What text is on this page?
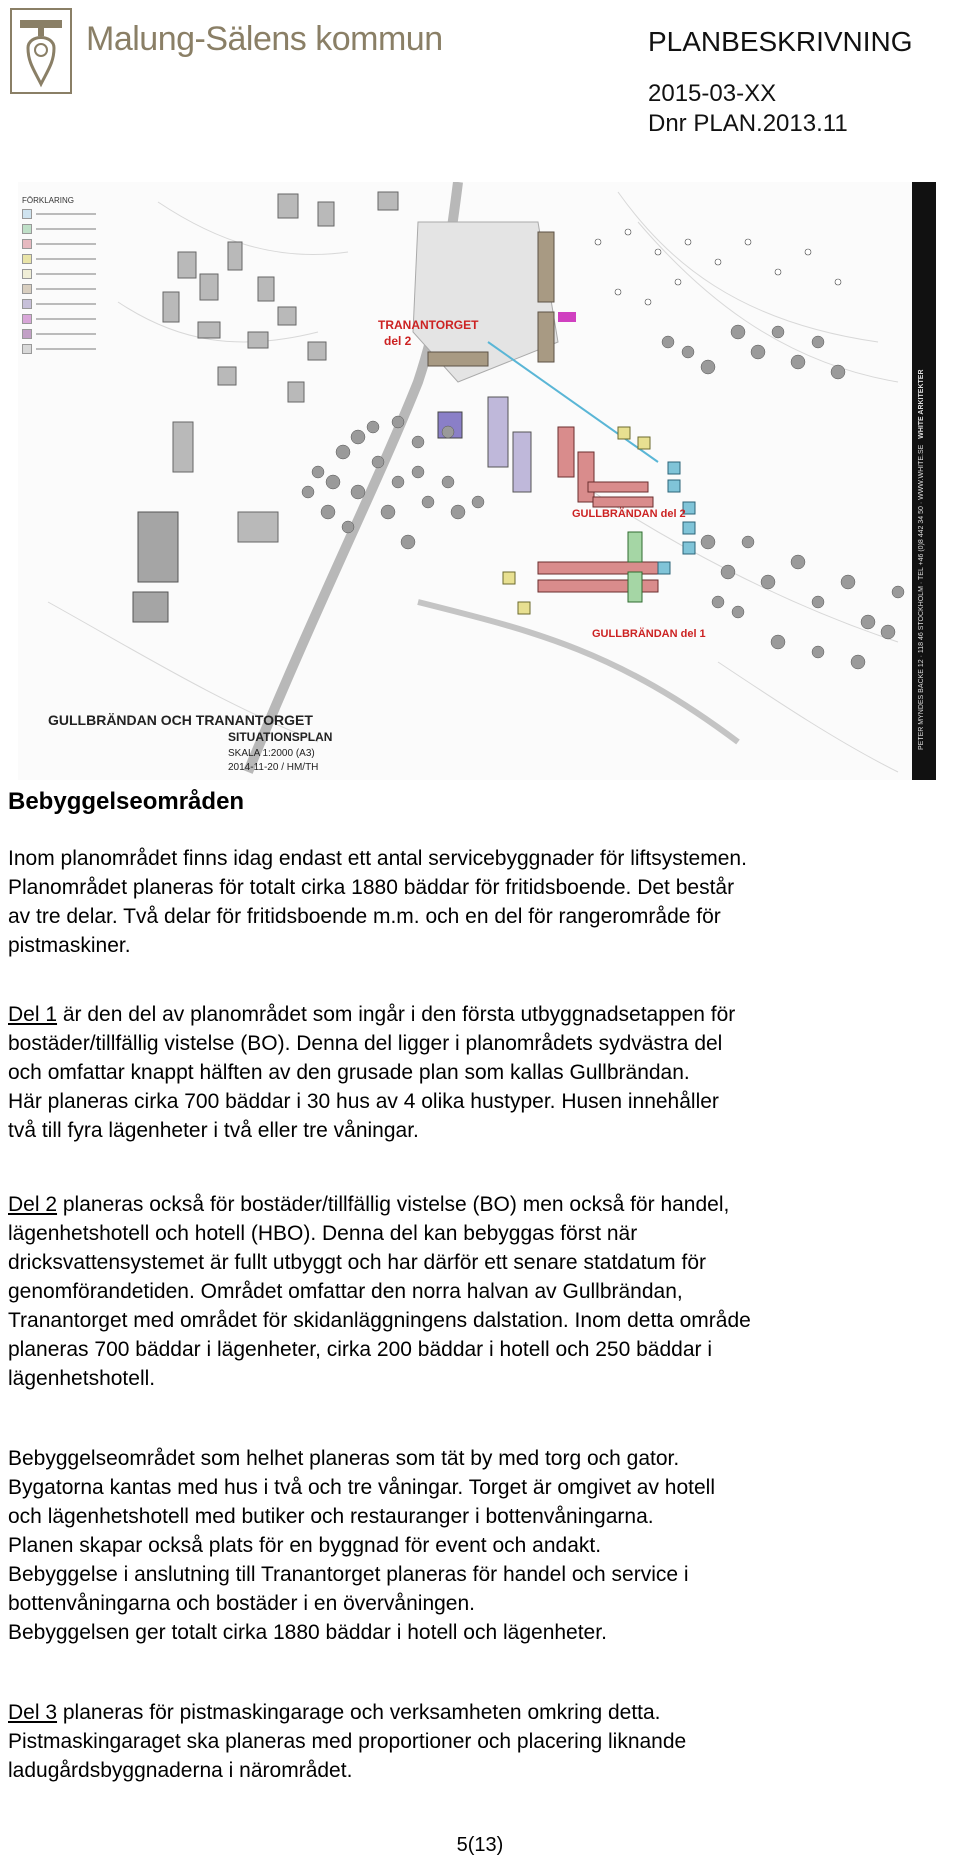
Malung-Sälens kommun	PLANBESKRIVNING
2015-03-XX
Dnr PLAN.2013.11
FÖRKLARING
TRANANTORGET
del 2
GULLBRÄNDAN del 2
GULLBRÄNDAN del 1
GULLBRÄNDAN OCH TRANANTORGET
SITUATIONSPLAN
SKALA 1:2000 (A3)
2014-11-20 / HM/TH
PETER MYNDES BACKE 12 · 118 46 STOCKHOLM · TEL +46 (0)8 442 34 50 · WWW.WHITE.SE   WHITE ARKITEKTER
Bebyggelseområden
Inom planområdet finns idag endast ett antal servicebyggnader för liftsystemen.
Planområdet planeras för totalt cirka 1880 bäddar för fritidsboende. Det består
av tre delar. Två delar för fritidsboende m.m. och en del för rangerområde för
pistmaskiner.
Del 1 är den del av planområdet som ingår i den första utbyggnadsetappen för
bostäder/tillfällig vistelse (BO). Denna del ligger i planområdets sydvästra del
och omfattar knappt hälften av den grusade plan som kallas Gullbrändan.
Här planeras cirka 700 bäddar i 30 hus av 4 olika hustyper. Husen innehåller
två till fyra lägenheter i två eller tre våningar.
Del 2 planeras också för bostäder/tillfällig vistelse (BO) men också för handel,
lägenhetshotell och hotell (HBO). Denna del kan bebyggas först när
dricksvattensystemet är fullt utbyggt och har därför ett senare statdatum för
genomförandetiden. Området omfattar den norra halvan av Gullbrändan,
Tranantorget med området för skidanläggningens dalstation. Inom detta område
planeras 700 bäddar i lägenheter, cirka 200 bäddar i hotell och 250 bäddar i
lägenhetshotell.
Bebyggelseområdet som helhet planeras som tät by med torg och gator.
Bygatorna kantas med hus i två och tre våningar. Torget är omgivet av hotell
och lägenhetshotell med butiker och restauranger i bottenvåningarna.
Planen skapar också plats för en byggnad för event och andakt.
Bebyggelse i anslutning till Tranantorget planeras för handel och service i
bottenvåningarna och bostäder i en övervåningen.
Bebyggelsen ger totalt cirka 1880 bäddar i hotell och lägenheter.
Del 3 planeras för pistmaskingarage och verksamheten omkring detta.
Pistmaskingaraget ska planeras med proportioner och placering liknande
ladugårdsbyggnaderna i närområdet.
5(13)
